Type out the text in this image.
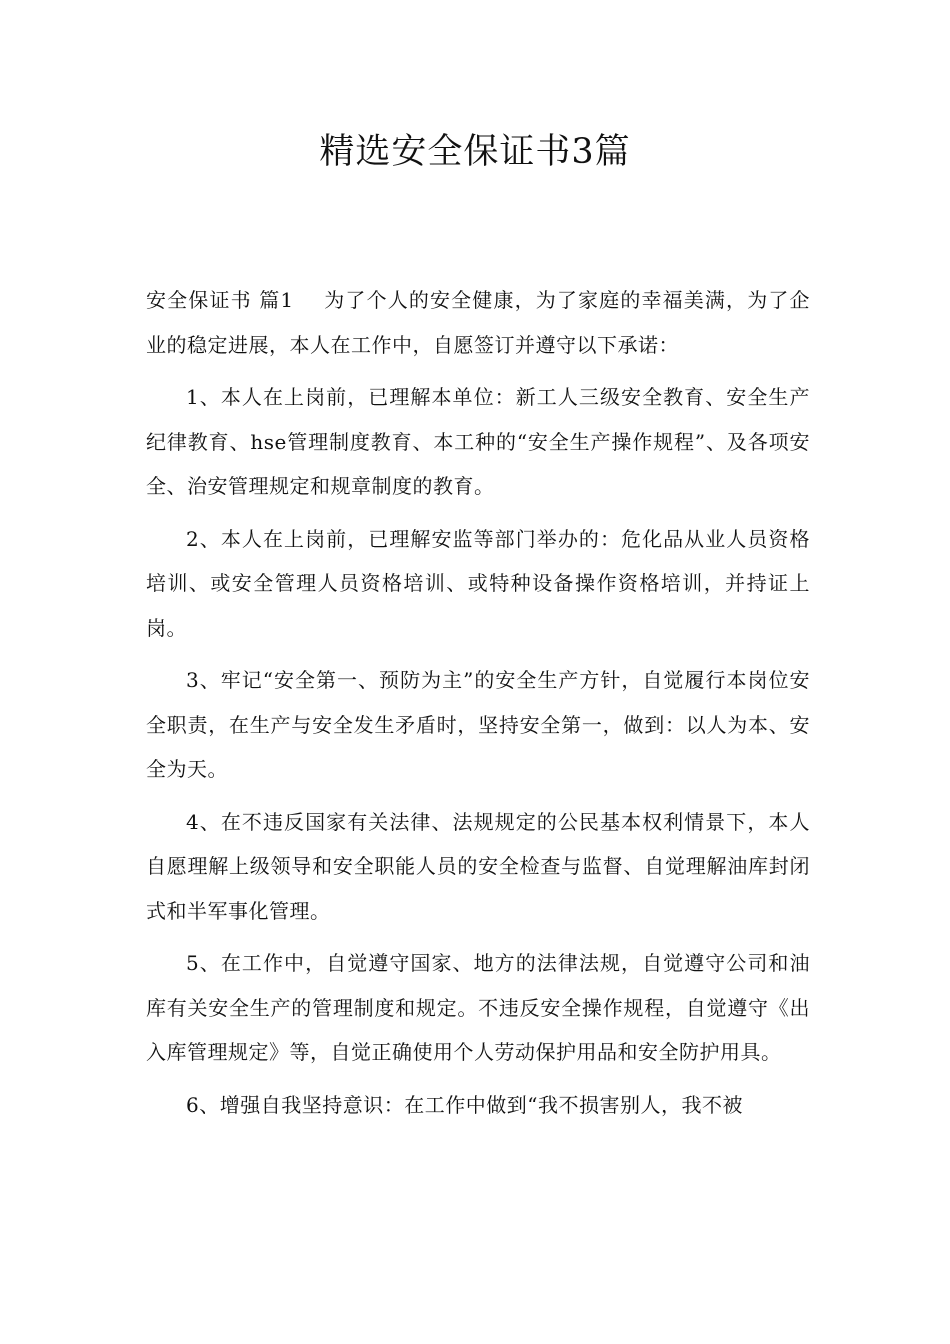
精选安全保证书3篇

安全保证书 篇1 为了个人的安全健康，为了家庭的幸福美满，为了企业的稳定进展，本人在工作中，自愿签订并遵守以下承诺：

1、本人在上岗前，已理解本单位：新工人三级安全教育、安全生产纪律教育、hse管理制度教育、本工种的“安全生产操作规程”、及各项安全、治安管理规定和规章制度的教育。

2、本人在上岗前，已理解安监等部门举办的：危化品从业人员资格培训、或安全管理人员资格培训、或特种设备操作资格培训，并持证上岗。

3、牢记“安全第一、预防为主”的安全生产方针，自觉履行本岗位安全职责，在生产与安全发生矛盾时，坚持安全第一，做到：以人为本、安全为天。

4、在不违反国家有关法律、法规规定的公民基本权利情景下，本人自愿理解上级领导和安全职能人员的安全检查与监督、自觉理解油库封闭式和半军事化管理。

5、在工作中，自觉遵守国家、地方的法律法规，自觉遵守公司和油库有关安全生产的管理制度和规定。不违反安全操作规程，自觉遵守《出入库管理规定》等，自觉正确使用个人劳动保护用品和安全防护用具。

6、增强自我坚持意识：在工作中做到“我不损害别人，我不被
